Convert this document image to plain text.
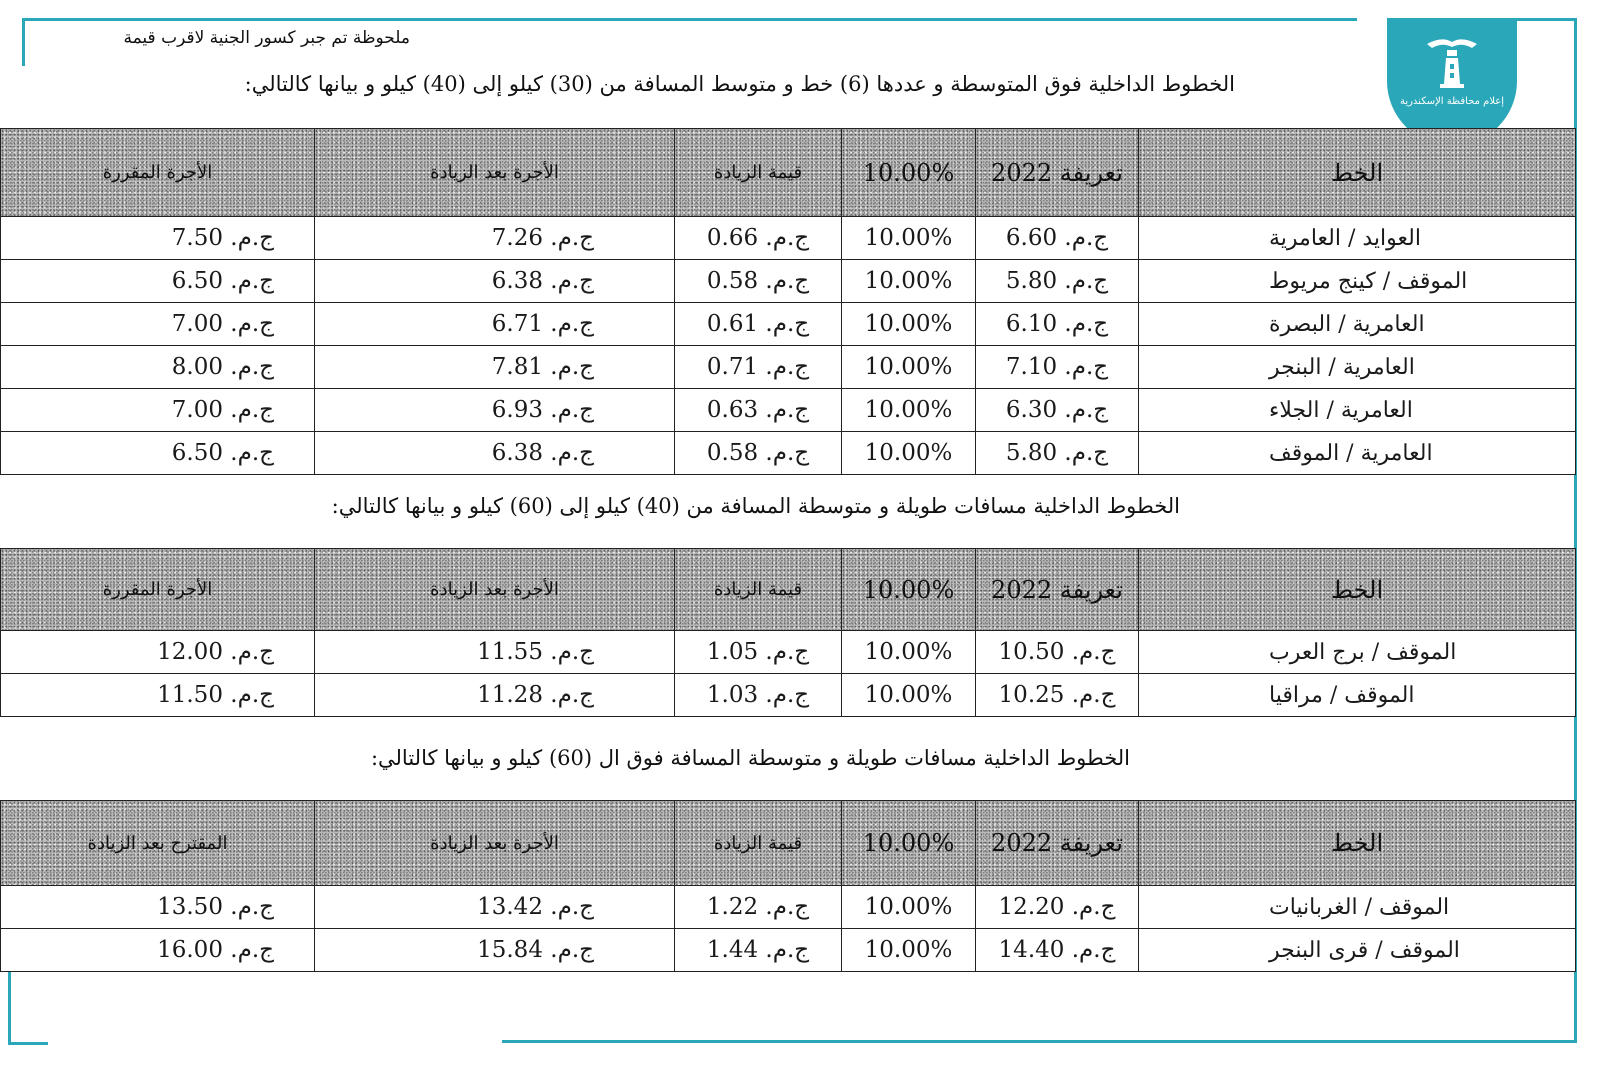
ملحوظة تم جبر كسور الجنية لاقرب قيمة
إعلام محافظة الإسكندرية
الخطوط الداخلية فوق المتوسطة و عددها (6) خط و متوسط المسافة من (30) كيلو إلى (40) كيلو و بيانها كالتالي:
الخط	تعريفة 2022	10.00%	قيمة الزيادة	الأجرة بعد الزيادة	الأجرة المقررة
العوايد / العامرية	ج.م. 6.60	10.00%	ج.م. 0.66	ج.م. 7.26	ج.م. 7.50
الموقف / كينج مريوط	ج.م. 5.80	10.00%	ج.م. 0.58	ج.م. 6.38	ج.م. 6.50
العامرية / البصرة	ج.م. 6.10	10.00%	ج.م. 0.61	ج.م. 6.71	ج.م. 7.00
العامرية / البنجر	ج.م. 7.10	10.00%	ج.م. 0.71	ج.م. 7.81	ج.م. 8.00
العامرية / الجلاء	ج.م. 6.30	10.00%	ج.م. 0.63	ج.م. 6.93	ج.م. 7.00
العامرية / الموقف	ج.م. 5.80	10.00%	ج.م. 0.58	ج.م. 6.38	ج.م. 6.50
الخطوط الداخلية مسافات طويلة و متوسطة المسافة من (40) كيلو إلى (60) كيلو و بيانها كالتالي:
الخط	تعريفة 2022	10.00%	قيمة الزيادة	الأجرة بعد الزيادة	الأجرة المقررة
الموقف / برج العرب	ج.م. 10.50	10.00%	ج.م. 1.05	ج.م. 11.55	ج.م. 12.00
الموقف / مراقيا	ج.م. 10.25	10.00%	ج.م. 1.03	ج.م. 11.28	ج.م. 11.50
الخطوط الداخلية مسافات طويلة و متوسطة المسافة فوق ال (60) كيلو و بيانها كالتالي:
الخط	تعريفة 2022	10.00%	قيمة الزيادة	الأجرة بعد الزيادة	المقترح بعد الزيادة
الموقف / الغربانيات	ج.م. 12.20	10.00%	ج.م. 1.22	ج.م. 13.42	ج.م. 13.50
الموقف / قرى البنجر	ج.م. 14.40	10.00%	ج.م. 1.44	ج.م. 15.84	ج.م. 16.00
